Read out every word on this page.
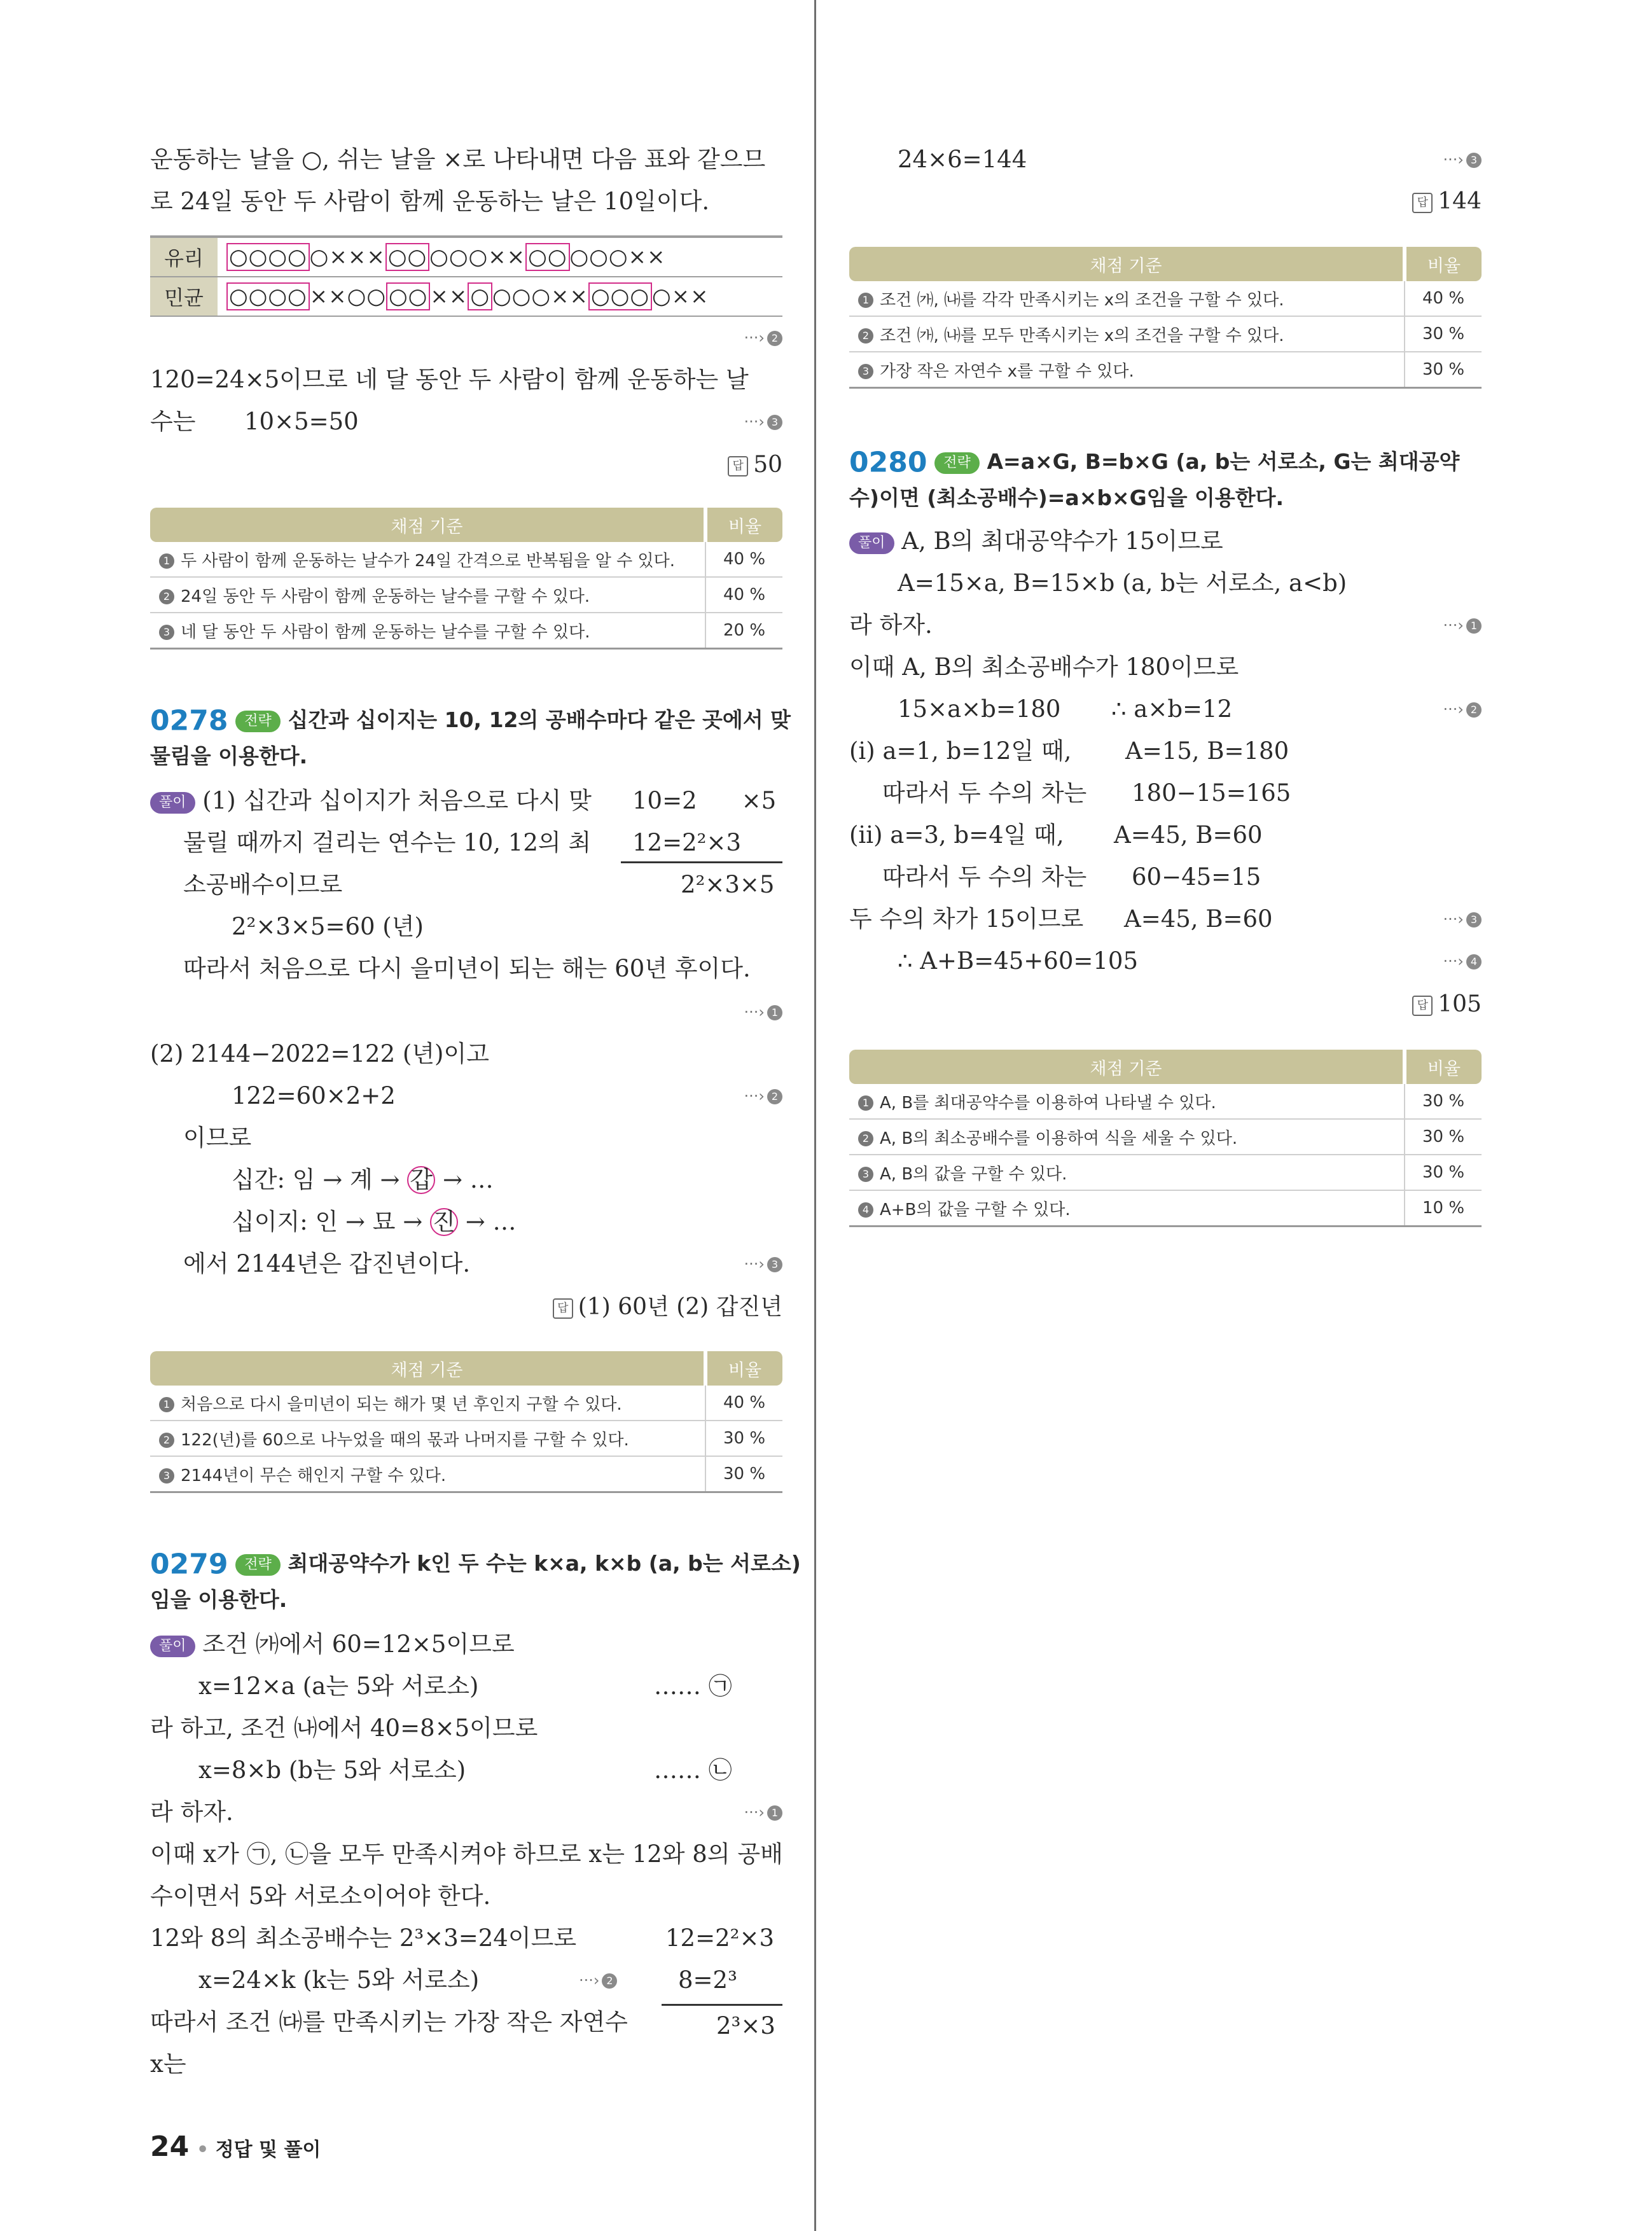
운동하는 날을 ○, 쉬는 날을 ×로 나타내면 다음 표와 같으므
로 24일 동안 두 사람이 함께 운동하는 날은 10일이다.
유리	○○○○ ○××× ○○ ○○○×× ○○ ○○○××
민균	○○○○ ××○○ ○○ ×× ○ ○○○×× ○○○ ○××
···› 2
120=24×5이므로 네 달 동안 두 사람이 함께 운동하는 날
수는 10×5=50	···› 3
답 50
채점 기준	비율
1 두 사람이 함께 운동하는 날수가 24일 간격으로 반복됨을 알 수 있다.	40 %
2 24일 동안 두 사람이 함께 운동하는 날수를 구할 수 있다.	40 %
3 네 달 동안 두 사람이 함께 운동하는 날수를 구할 수 있다.	20 %
0278 전략 십간과 십이지는 10, 12의 공배수마다 같은 곳에서 맞
물림을 이용한다.
풀이 (1) 십간과 십이지가 처음으로 다시 맞
물릴 때까지 걸리는 연수는 10, 12의 최
소공배수이므로
10=2 ×5
12=2²×3
2²×3×5
2²×3×5=60 (년)
따라서 처음으로 다시 을미년이 되는 해는 60년 후이다.
···› 1
(2) 2144−2022=122 (년)이고
122=60×2+2	···› 2
이므로
십간: 임 → 계 → 갑 → …
십이지: 인 → 묘 → 진 → …
에서 2144년은 갑진년이다.	···› 3
답 (1) 60년 (2) 갑진년
채점 기준	비율
1 처음으로 다시 을미년이 되는 해가 몇 년 후인지 구할 수 있다.	40 %
2 122(년)를 60으로 나누었을 때의 몫과 나머지를 구할 수 있다.	30 %
3 2144년이 무슨 해인지 구할 수 있다.	30 %
0279 전략 최대공약수가 k인 두 수는 k×a, k×b (a, b는 서로소)
임을 이용한다.
풀이 조건 ㈎에서 60=12×5이므로
x=12×a (a는 5와 서로소)	…… ㉠
라 하고, 조건 ㈏에서 40=8×5이므로
x=8×b (b는 5와 서로소)	…… ㉡
라 하자.	···› 1
이때 x가 ㉠, ㉡을 모두 만족시켜야 하므로 x는 12와 8의 공배
수이면서 5와 서로소이어야 한다.
12와 8의 최소공배수는 2³×3=24이므로
x=24×k (k는 5와 서로소)	···› 2
따라서 조건 ㈐를 만족시키는 가장 작은 자연수
x는
12=2²×3
8=2³
2³×3
24 • 정답 및 풀이
24×6=144	···› 3
답 144
채점 기준	비율
1 조건 ㈎, ㈏를 각각 만족시키는 x의 조건을 구할 수 있다.	40 %
2 조건 ㈎, ㈏를 모두 만족시키는 x의 조건을 구할 수 있다.	30 %
3 가장 작은 자연수 x를 구할 수 있다.	30 %
0280 전략 A=a×G, B=b×G (a, b는 서로소, G는 최대공약
수)이면 (최소공배수)=a×b×G임을 이용한다.
풀이 A, B의 최대공약수가 15이므로
A=15×a, B=15×b (a, b는 서로소, a<b)
라 하자.	···› 1
이때 A, B의 최소공배수가 180이므로
15×a×b=180 ∴ a×b=12	···› 2
(ⅰ) a=1, b=12일 때, A=15, B=180
따라서 두 수의 차는 180−15=165
(ⅱ) a=3, b=4일 때, A=45, B=60
따라서 두 수의 차는 60−45=15
두 수의 차가 15이므로 A=45, B=60	···› 3
∴ A+B=45+60=105	···› 4
답 105
채점 기준	비율
1 A, B를 최대공약수를 이용하여 나타낼 수 있다.	30 %
2 A, B의 최소공배수를 이용하여 식을 세울 수 있다.	30 %
3 A, B의 값을 구할 수 있다.	30 %
4 A+B의 값을 구할 수 있다.	10 %
